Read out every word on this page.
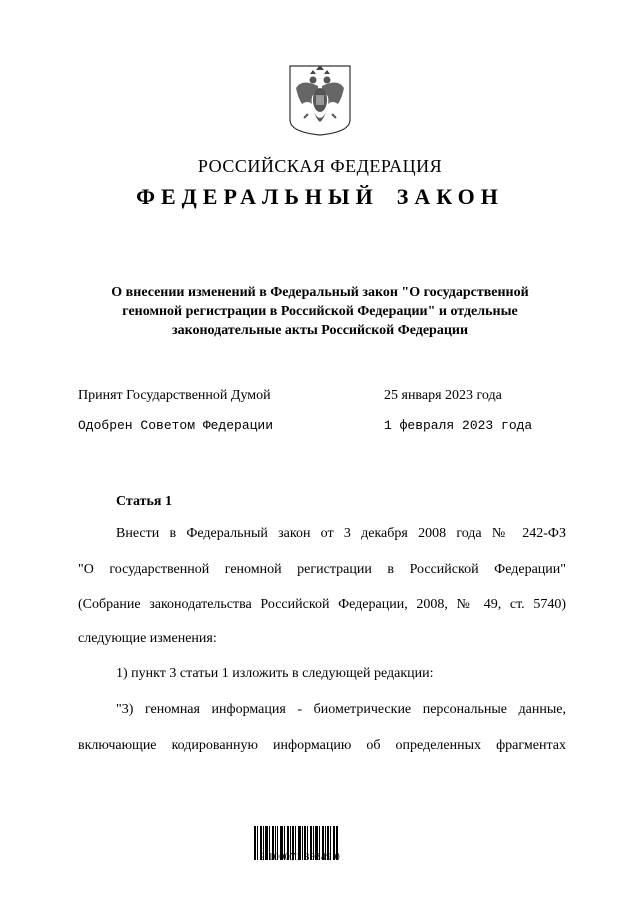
РОССИЙСКАЯ ФЕДЕРАЦИЯ
ФЕДЕРАЛЬНЫЙ ЗАКОН
О внесении изменений в Федеральный закон "О государственной
геномной регистрации в Российской Федерации" и отдельные
законодательные акты Российской Федерации
Принят Государственной Думой	25 января 2023 года
Одобрен Советом Федерации	1 февраля 2023 года
Статья 1
Внести в Федеральный закон от 3 декабря 2008 года № 242-ФЗ
"О государственной геномной регистрации в Российской Федерации"
(Собрание законодательства Российской Федерации, 2008, № 49, ст. 5740)
следующие изменения:
1) пункт 3 статьи 1 изложить в следующей редакции:
"3) геномная информация - биометрические персональные данные,
включающие кодированную информацию об определенных фрагментах
2 100071 89349 0
